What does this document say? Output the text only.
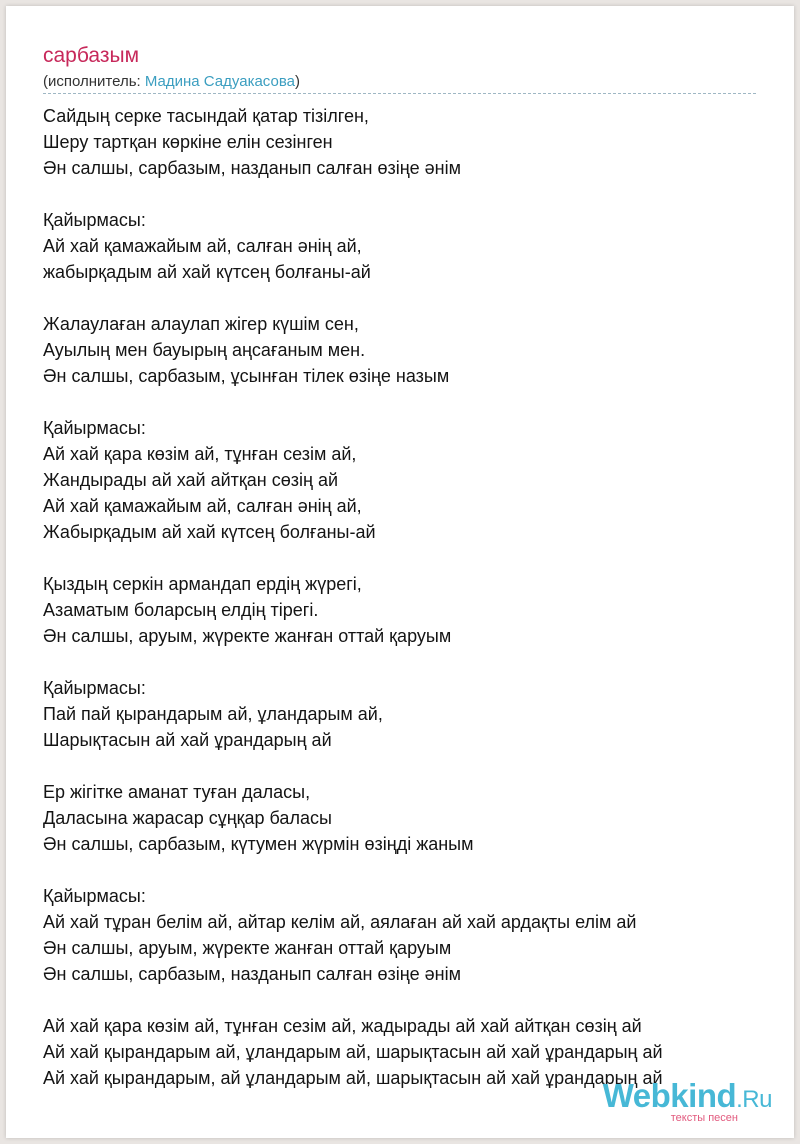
сарбазым
(исполнитель: Мадина Садуакасова)
Сайдың серке тасындай қатар тізілген,
Шеру тартқан көркіне елін сезінген
Ән салшы, сарбазым, назданып салған өзіңе әнім
Қайырмасы:
Ай хай қамажайым ай, салған әнің ай,
жабырқадым ай хай күтсең болғаны-ай
Жалаулаған алаулап жігер күшім сен,
Ауылың мен бауырың аңсағаным мен.
Ән салшы, сарбазым, ұсынған тілек өзіңе назым
Қайырмасы:
Ай хай қара көзім ай, тұнған сезім ай,
Жандырады ай хай айтқан сөзің ай
Ай хай қамажайым ай, салған әнің ай,
Жабырқадым ай хай күтсең болғаны-ай
Қыздың серкін армандап ердің жүрегі,
Азаматым боларсың елдің тірегі.
Ән салшы, аруым, жүректе жанған оттай қаруым
Қайырмасы:
Пай пай қырандарым ай, ұландарым ай,
Шарықтасын ай хай ұрандарың ай
Ер жігітке аманат туған даласы,
Даласына жарасар сұңқар баласы
Ән салшы, сарбазым, күтумен жүрмін өзіңді жаным
Қайырмасы:
Ай хай тұран белім ай, айтар келім ай, аялаған ай хай ардақты елім ай
Ән салшы, аруым, жүректе жанған оттай қаруым
Ән салшы, сарбазым, назданып салған өзіңе әнім
Ай хай қара көзім ай, тұнған сезім ай, жадырады ай хай айтқан сөзің ай
Ай хай қырандарым ай, ұландарым ай, шарықтасын ай хай ұрандарың ай
Ай хай қырандарым, ай ұландарым ай, шарықтасын ай хай ұрандарың ай
Webkind.Ru
тексты песен
